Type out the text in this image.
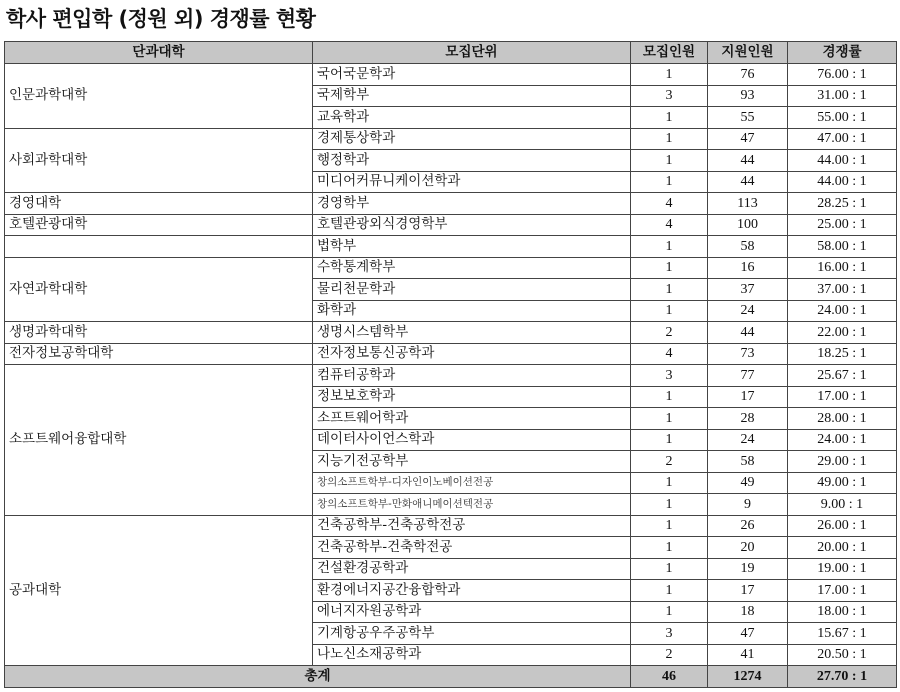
학사 편입학 (정원 외) 경쟁률 현황
단과대학	모집단위	모집인원	지원인원	경쟁률
인문과학대학	국어국문학과	1	76	76.00 : 1
	국제학부	3	93	31.00 : 1
	교육학과	1	55	55.00 : 1
사회과학대학	경제통상학과	1	47	47.00 : 1
	행정학과	1	44	44.00 : 1
	미디어커뮤니케이션학과	1	44	44.00 : 1
경영대학	경영학부	4	113	28.25 : 1
호텔관광대학	호텔관광외식경영학부	4	100	25.00 : 1
	법학부	1	58	58.00 : 1
자연과학대학	수학통계학부	1	16	16.00 : 1
	물리천문학과	1	37	37.00 : 1
	화학과	1	24	24.00 : 1
생명과학대학	생명시스템학부	2	44	22.00 : 1
전자정보공학대학	전자정보통신공학과	4	73	18.25 : 1
소프트웨어융합대학	컴퓨터공학과	3	77	25.67 : 1
	정보보호학과	1	17	17.00 : 1
	소프트웨어학과	1	28	28.00 : 1
	데이터사이언스학과	1	24	24.00 : 1
	지능기전공학부	2	58	29.00 : 1
	창의소프트학부-디자인이노베이션전공	1	49	49.00 : 1
	창의소프트학부-만화애니메이션텍전공	1	9	9.00 : 1
공과대학	건축공학부-건축공학전공	1	26	26.00 : 1
	건축공학부-건축학전공	1	20	20.00 : 1
	건설환경공학과	1	19	19.00 : 1
	환경에너지공간융합학과	1	17	17.00 : 1
	에너지자원공학과	1	18	18.00 : 1
	기계항공우주공학부	3	47	15.67 : 1
	나노신소재공학과	2	41	20.50 : 1
총계		46	1274	27.70 : 1
